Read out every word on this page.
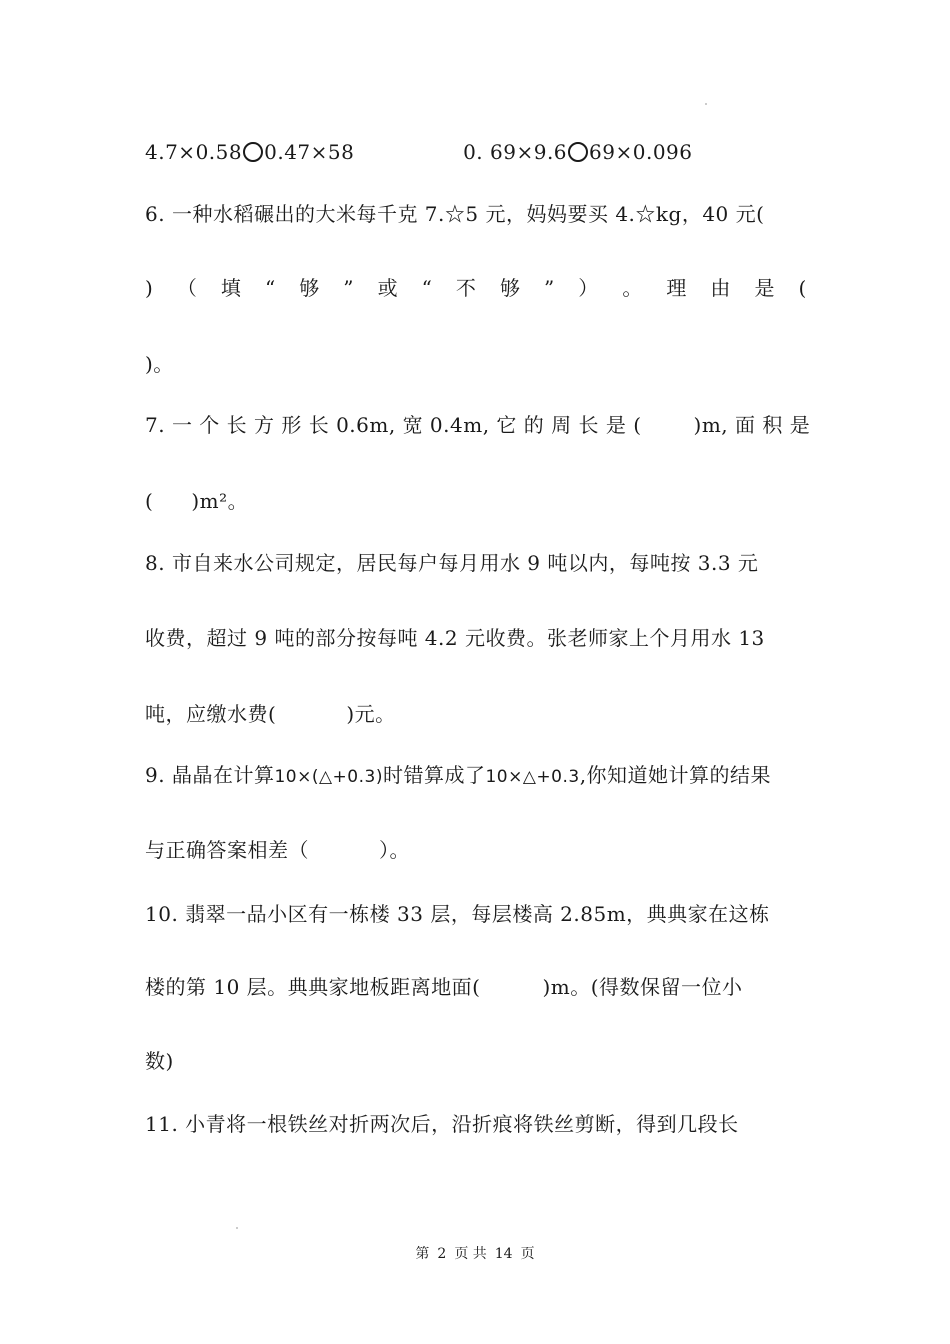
4.7×0.58 0.47×58	0. 69×9.6 69×0.096
6. 一种水稻碾出的大米每千克 7.☆5 元，妈妈要买 4.☆kg，40 元(
) （ 填 “ 够 ” 或 “ 不 够 ” ） 。 理 由 是 (
)。
7. 一 个 长 方 形 长 0.6m, 宽 0.4m, 它 的 周 长 是 (	)m, 面 积 是
( )m²。
8. 市自来水公司规定，居民每户每月用水 9 吨以内，每吨按 3.3 元
收费，超过 9 吨的部分按每吨 4.2 元收费。张老师家上个月用水 13
吨，应缴水费(	)元。
9. 晶晶在计算10×(△+0.3)时错算成了10×△+0.3,你知道她计算的结果
与正确答案相差（	）。
10. 翡翠一品小区有一栋楼 33 层，每层楼高 2.85m，典典家在这栋
楼的第 10 层。典典家地板距离地面(	)m。(得数保留一位小
数)
11. 小青将一根铁丝对折两次后，沿折痕将铁丝剪断，得到几段长
第 2 页 共 14 页
